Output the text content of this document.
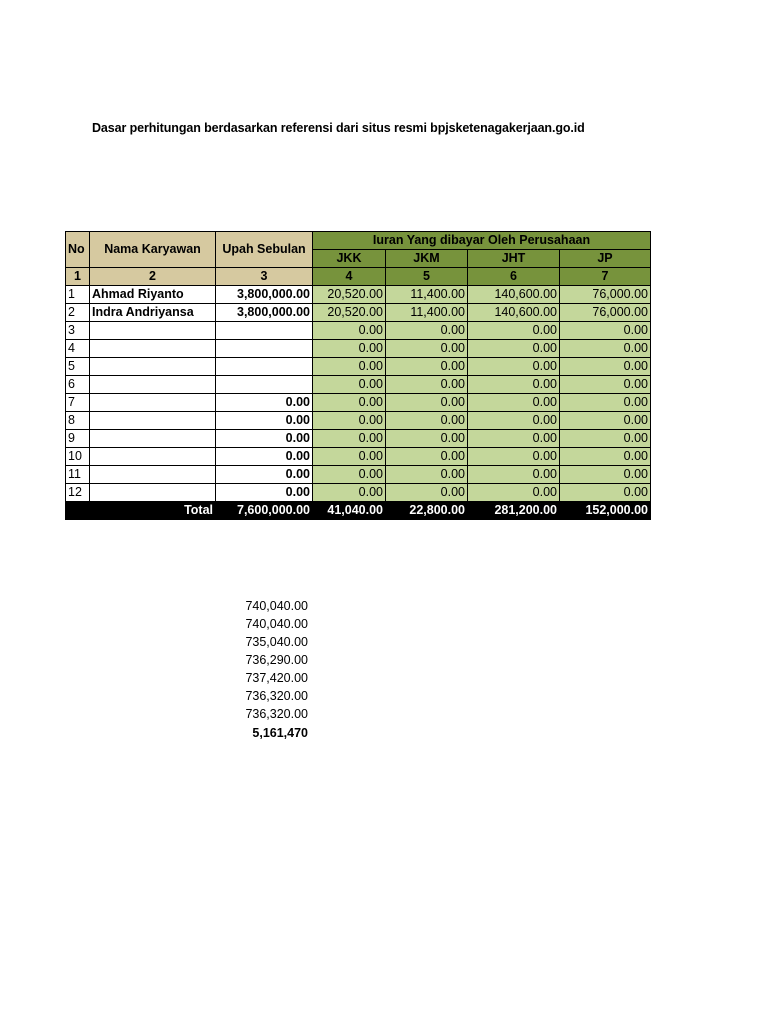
Dasar perhitungan berdasarkan referensi dari situs resmi bpjsketenagakerjaan.go.id
No	Nama Karyawan	Upah Sebulan	Iuran Yang dibayar Oleh Perusahaan			
			JKK	JKM	JHT	JP
1	2	3	4	5	6	7
1	Ahmad Riyanto	3,800,000.00	20,520.00	11,400.00	140,600.00	76,000.00
2	Indra Andriyansa	3,800,000.00	20,520.00	11,400.00	140,600.00	76,000.00
3			0.00	0.00	0.00	0.00
4			0.00	0.00	0.00	0.00
5			0.00	0.00	0.00	0.00
6			0.00	0.00	0.00	0.00
7		0.00	0.00	0.00	0.00	0.00
8		0.00	0.00	0.00	0.00	0.00
9		0.00	0.00	0.00	0.00	0.00
10		0.00	0.00	0.00	0.00	0.00
11		0.00	0.00	0.00	0.00	0.00
12		0.00	0.00	0.00	0.00	0.00
Total		7,600,000.00	41,040.00	22,800.00	281,200.00	152,000.00
740,040.00
740,040.00
735,040.00
736,290.00
737,420.00
736,320.00
736,320.00
5,161,470
